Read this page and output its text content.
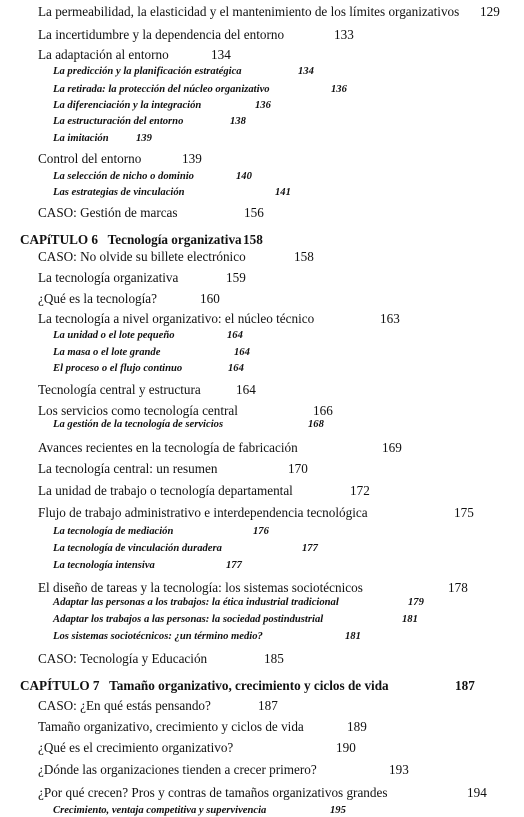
La permeabilidad, la elasticidad y el mantenimiento de los límites organizativos 129
La incertidumbre y la dependencia del entorno	133
La adaptación al entorno	134
La predicción y la planificación estratégica	134
La retirada: la protección del núcleo organizativo	136
La diferenciación y la integración	136
La estructuración del entorno	138
La imitación	139
Control del entorno	139
La selección de nicho o dominio	140
Las estrategias de vinculación	141
CASO: Gestión de marcas	156
CAPíTULO 6   Tecnología organizativa 158
CASO: No olvide su billete electrónico	158
La tecnología organizativa	159
¿Qué es la tecnología?	160
La tecnología a nivel organizativo: el núcleo técnico	163
La unidad o el lote pequeño	164
La masa o el lote grande	164
El proceso o el flujo continuo	164
Tecnología central y estructura	164
Los servicios como tecnología central	166
La gestión de la tecnología de servicios	168
Avances recientes en la tecnología de fabricación	169
La tecnología central: un resumen	170
La unidad de trabajo o tecnología departamental	172
Flujo de trabajo administrativo e interdependencia tecnológica	175
La tecnología de mediación	176
La tecnología de vinculación duradera	177
La tecnología intensiva	177
El diseño de tareas y la tecnología: los sistemas sociotécnicos	178
Adaptar las personas a los trabajos: la ética industrial tradicional	179
Adaptar los trabajos a las personas: la sociedad postindustrial	181
Los sistemas sociotécnicos: ¿un término medio?	181
CASO: Tecnología y Educación	185
CAPÍTULO 7   Tamaño organizativo, crecimiento y ciclos de vida	187
CASO: ¿En qué estás pensando?	187
Tamaño organizativo, crecimiento y ciclos de vida	189
¿Qué es el crecimiento organizativo?	190
¿Dónde las organizaciones tienden a crecer primero?	193
¿Por qué crecen? Pros y contras de tamaños organizativos grandes	194
Crecimiento, ventaja competitiva y supervivencia	195
